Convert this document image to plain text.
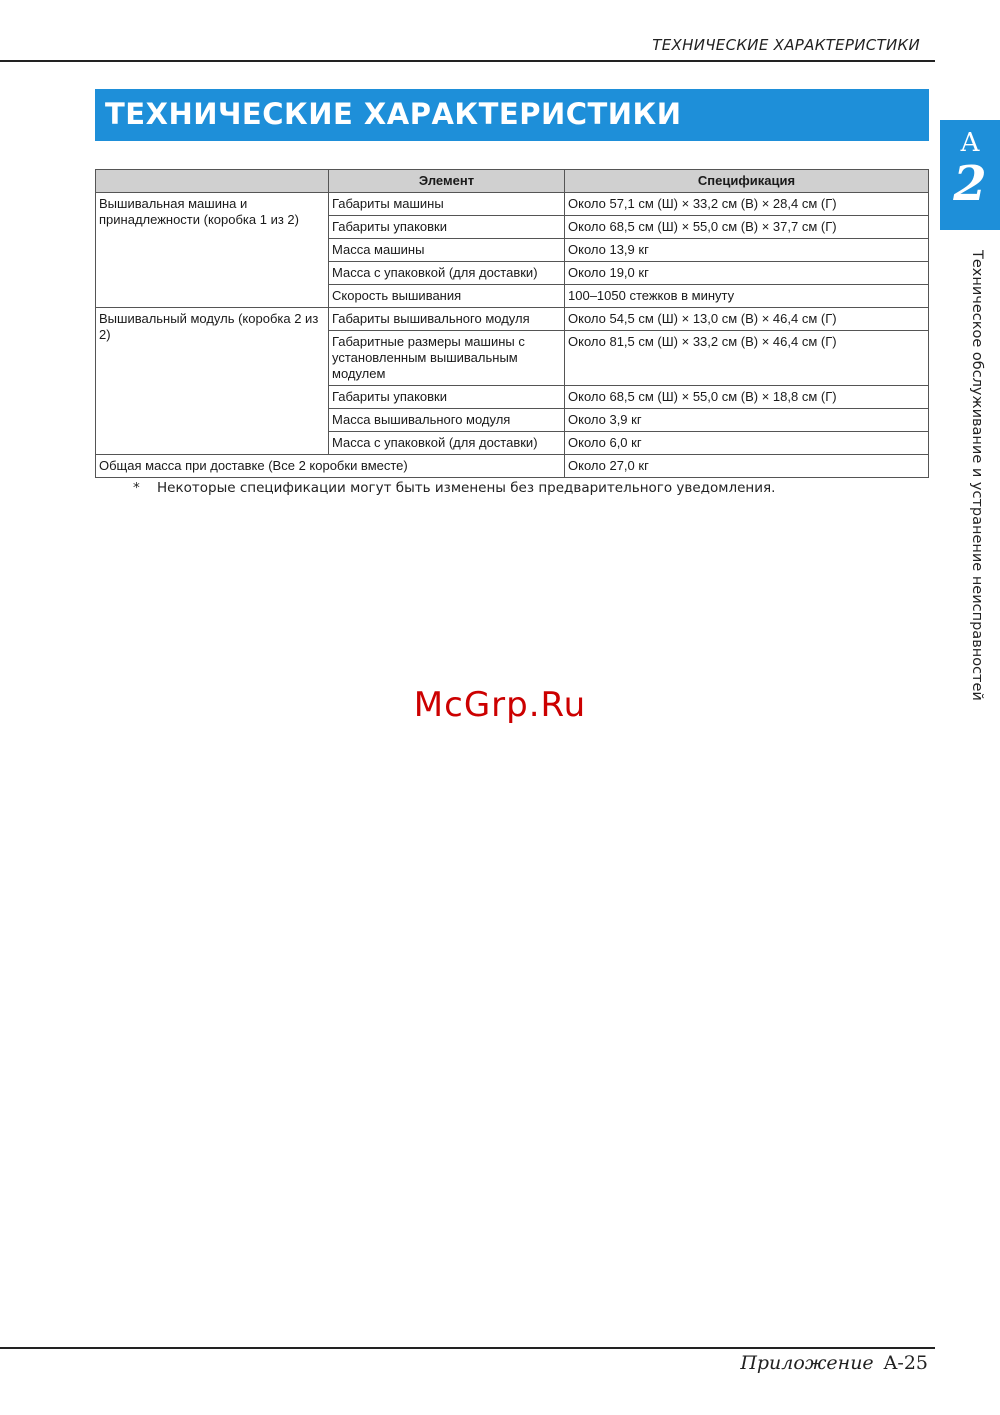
ТЕХНИЧЕСКИЕ ХАРАКТЕРИСТИКИ
ТЕХНИЧЕСКИЕ ХАРАКТЕРИСТИКИ
A
2
Техническое обслуживание и устранение неисправностей
	Элемент	Спецификация
Вышивальная машина и принадлежности (коробка 1 из 2)	Габариты машины	Около 57,1 см (Ш) × 33,2 см (В) × 28,4 см (Г)
	Габариты упаковки	Около 68,5 см (Ш) × 55,0 см (В) × 37,7 см (Г)
	Масса машины	Около 13,9 кг
	Масса с упаковкой (для доставки)	Около 19,0 кг
	Скорость вышивания	100–1050 стежков в минуту
Вышивальный модуль (коробка 2 из 2)	Габариты вышивального модуля	Около 54,5 см (Ш) × 13,0 см (В) × 46,4 см (Г)
	Габаритные размеры машины с установленным вышивальным модулем	Около 81,5 см (Ш) × 33,2 см (В) × 46,4 см (Г)
	Габариты упаковки	Около 68,5 см (Ш) × 55,0 см (В) × 18,8 см (Г)
	Масса вышивального модуля	Около 3,9 кг
	Масса с упаковкой (для доставки)	Около 6,0 кг
Общая масса при доставке (Все 2 коробки вместе)		Около 27,0 кг
* Некоторые спецификации могут быть изменены без предварительного уведомления.
McGrp.Ru
Приложение A-25
